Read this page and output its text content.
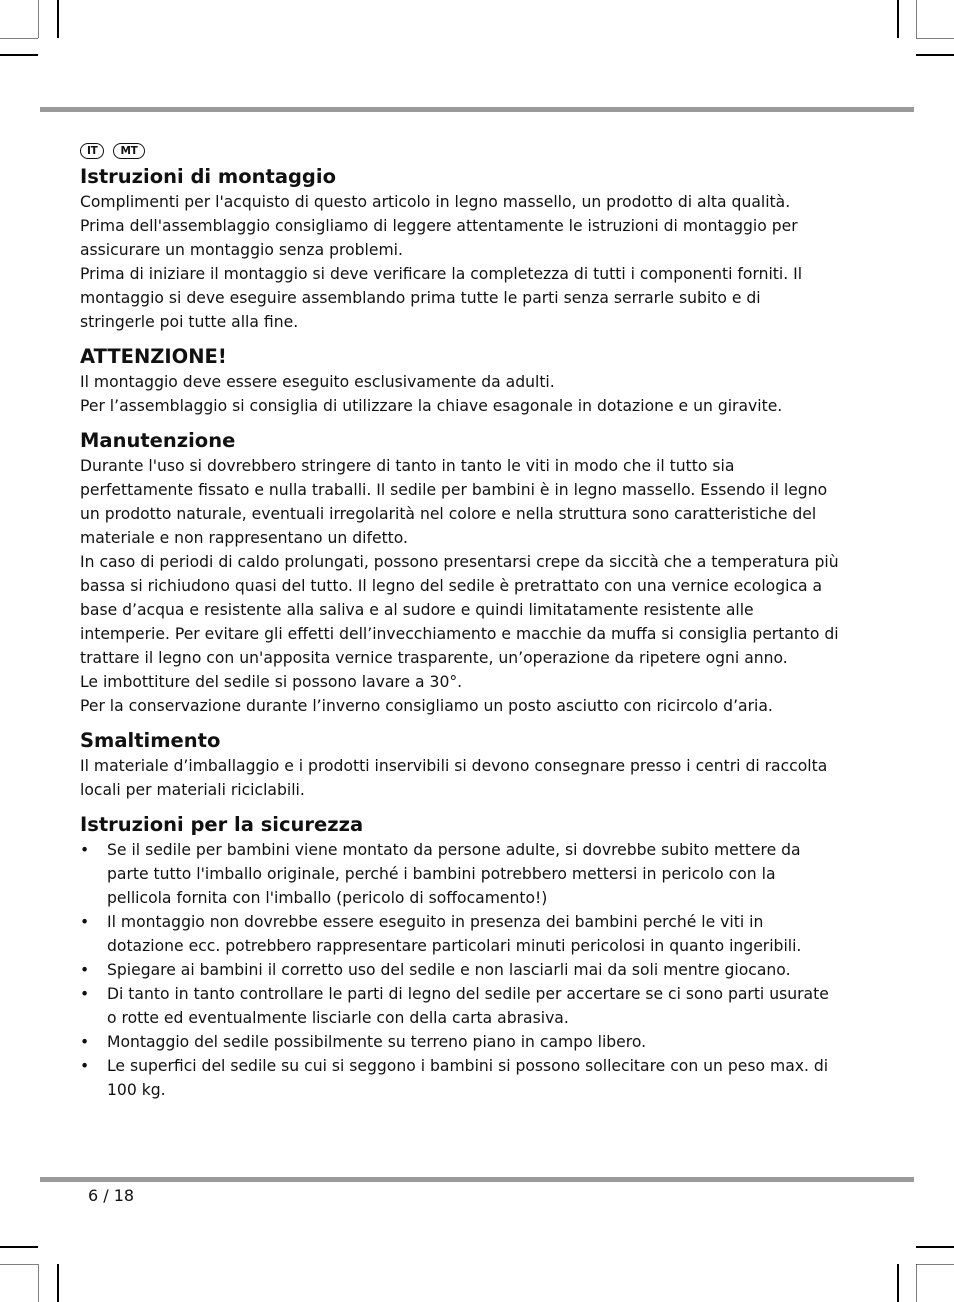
IT	MT
Istruzioni di montaggio

Complimenti per l'acquisto di questo articolo in legno massello, un prodotto di alta qualità.

Prima dell'assemblaggio consigliamo di leggere attentamente le istruzioni di montaggio per assicurare un montaggio senza problemi.

Prima di iniziare il montaggio si deve verificare la completezza di tutti i componenti forniti. Il montaggio si deve eseguire assemblando prima tutte le parti senza serrarle subito e di stringerle poi tutte alla fine.

ATTENZIONE!

Il montaggio deve essere eseguito esclusivamente da adulti.

Per l’assemblaggio si consiglia di utilizzare la chiave esagonale in dotazione e un giravite.

Manutenzione

Durante l'uso si dovrebbero stringere di tanto in tanto le viti in modo che il tutto sia perfettamente fissato e nulla traballi. Il sedile per bambini è in legno massello. Essendo il legno un prodotto naturale, eventuali irregolarità nel colore e nella struttura sono caratteristiche del materiale e non rappresentano un difetto.

In caso di periodi di caldo prolungati, possono presentarsi crepe da siccità che a temperatura più bassa si richiudono quasi del tutto. Il legno del sedile è pretrattato con una vernice ecologica a base d’acqua e resistente alla saliva e al sudore e quindi limitatamente resistente alle intemperie. Per evitare gli effetti dell’invecchiamento e macchie da muffa si consiglia pertanto di trattare il legno con un'apposita vernice trasparente, un’operazione da ripetere ogni anno.

Le imbottiture del sedile si possono lavare a 30°.

Per la conservazione durante l’inverno consigliamo un posto asciutto con ricircolo d’aria.

Smaltimento

Il materiale d’imballaggio e i prodotti inservibili si devono consegnare presso i centri di raccolta locali per materiali riciclabili.

Istruzioni per la sicurezza
• Se il sedile per bambini viene montato da persone adulte, si dovrebbe subito mettere da parte tutto l'imballo originale, perché i bambini potrebbero mettersi in pericolo con la pellicola fornita con l'imballo (pericolo di soffocamento!)
• Il montaggio non dovrebbe essere eseguito in presenza dei bambini perché le viti in dotazione ecc. potrebbero rappresentare particolari minuti pericolosi in quanto ingeribili.
• Spiegare ai bambini il corretto uso del sedile e non lasciarli mai da soli mentre giocano.
• Di tanto in tanto controllare le parti di legno del sedile per accertare se ci sono parti usurate o rotte ed eventualmente lisciarle con della carta abrasiva.
• Montaggio del sedile possibilmente su terreno piano in campo libero.
• Le superfici del sedile su cui si seggono i bambini si possono sollecitare con un peso max. di 100 kg.
6 / 18
